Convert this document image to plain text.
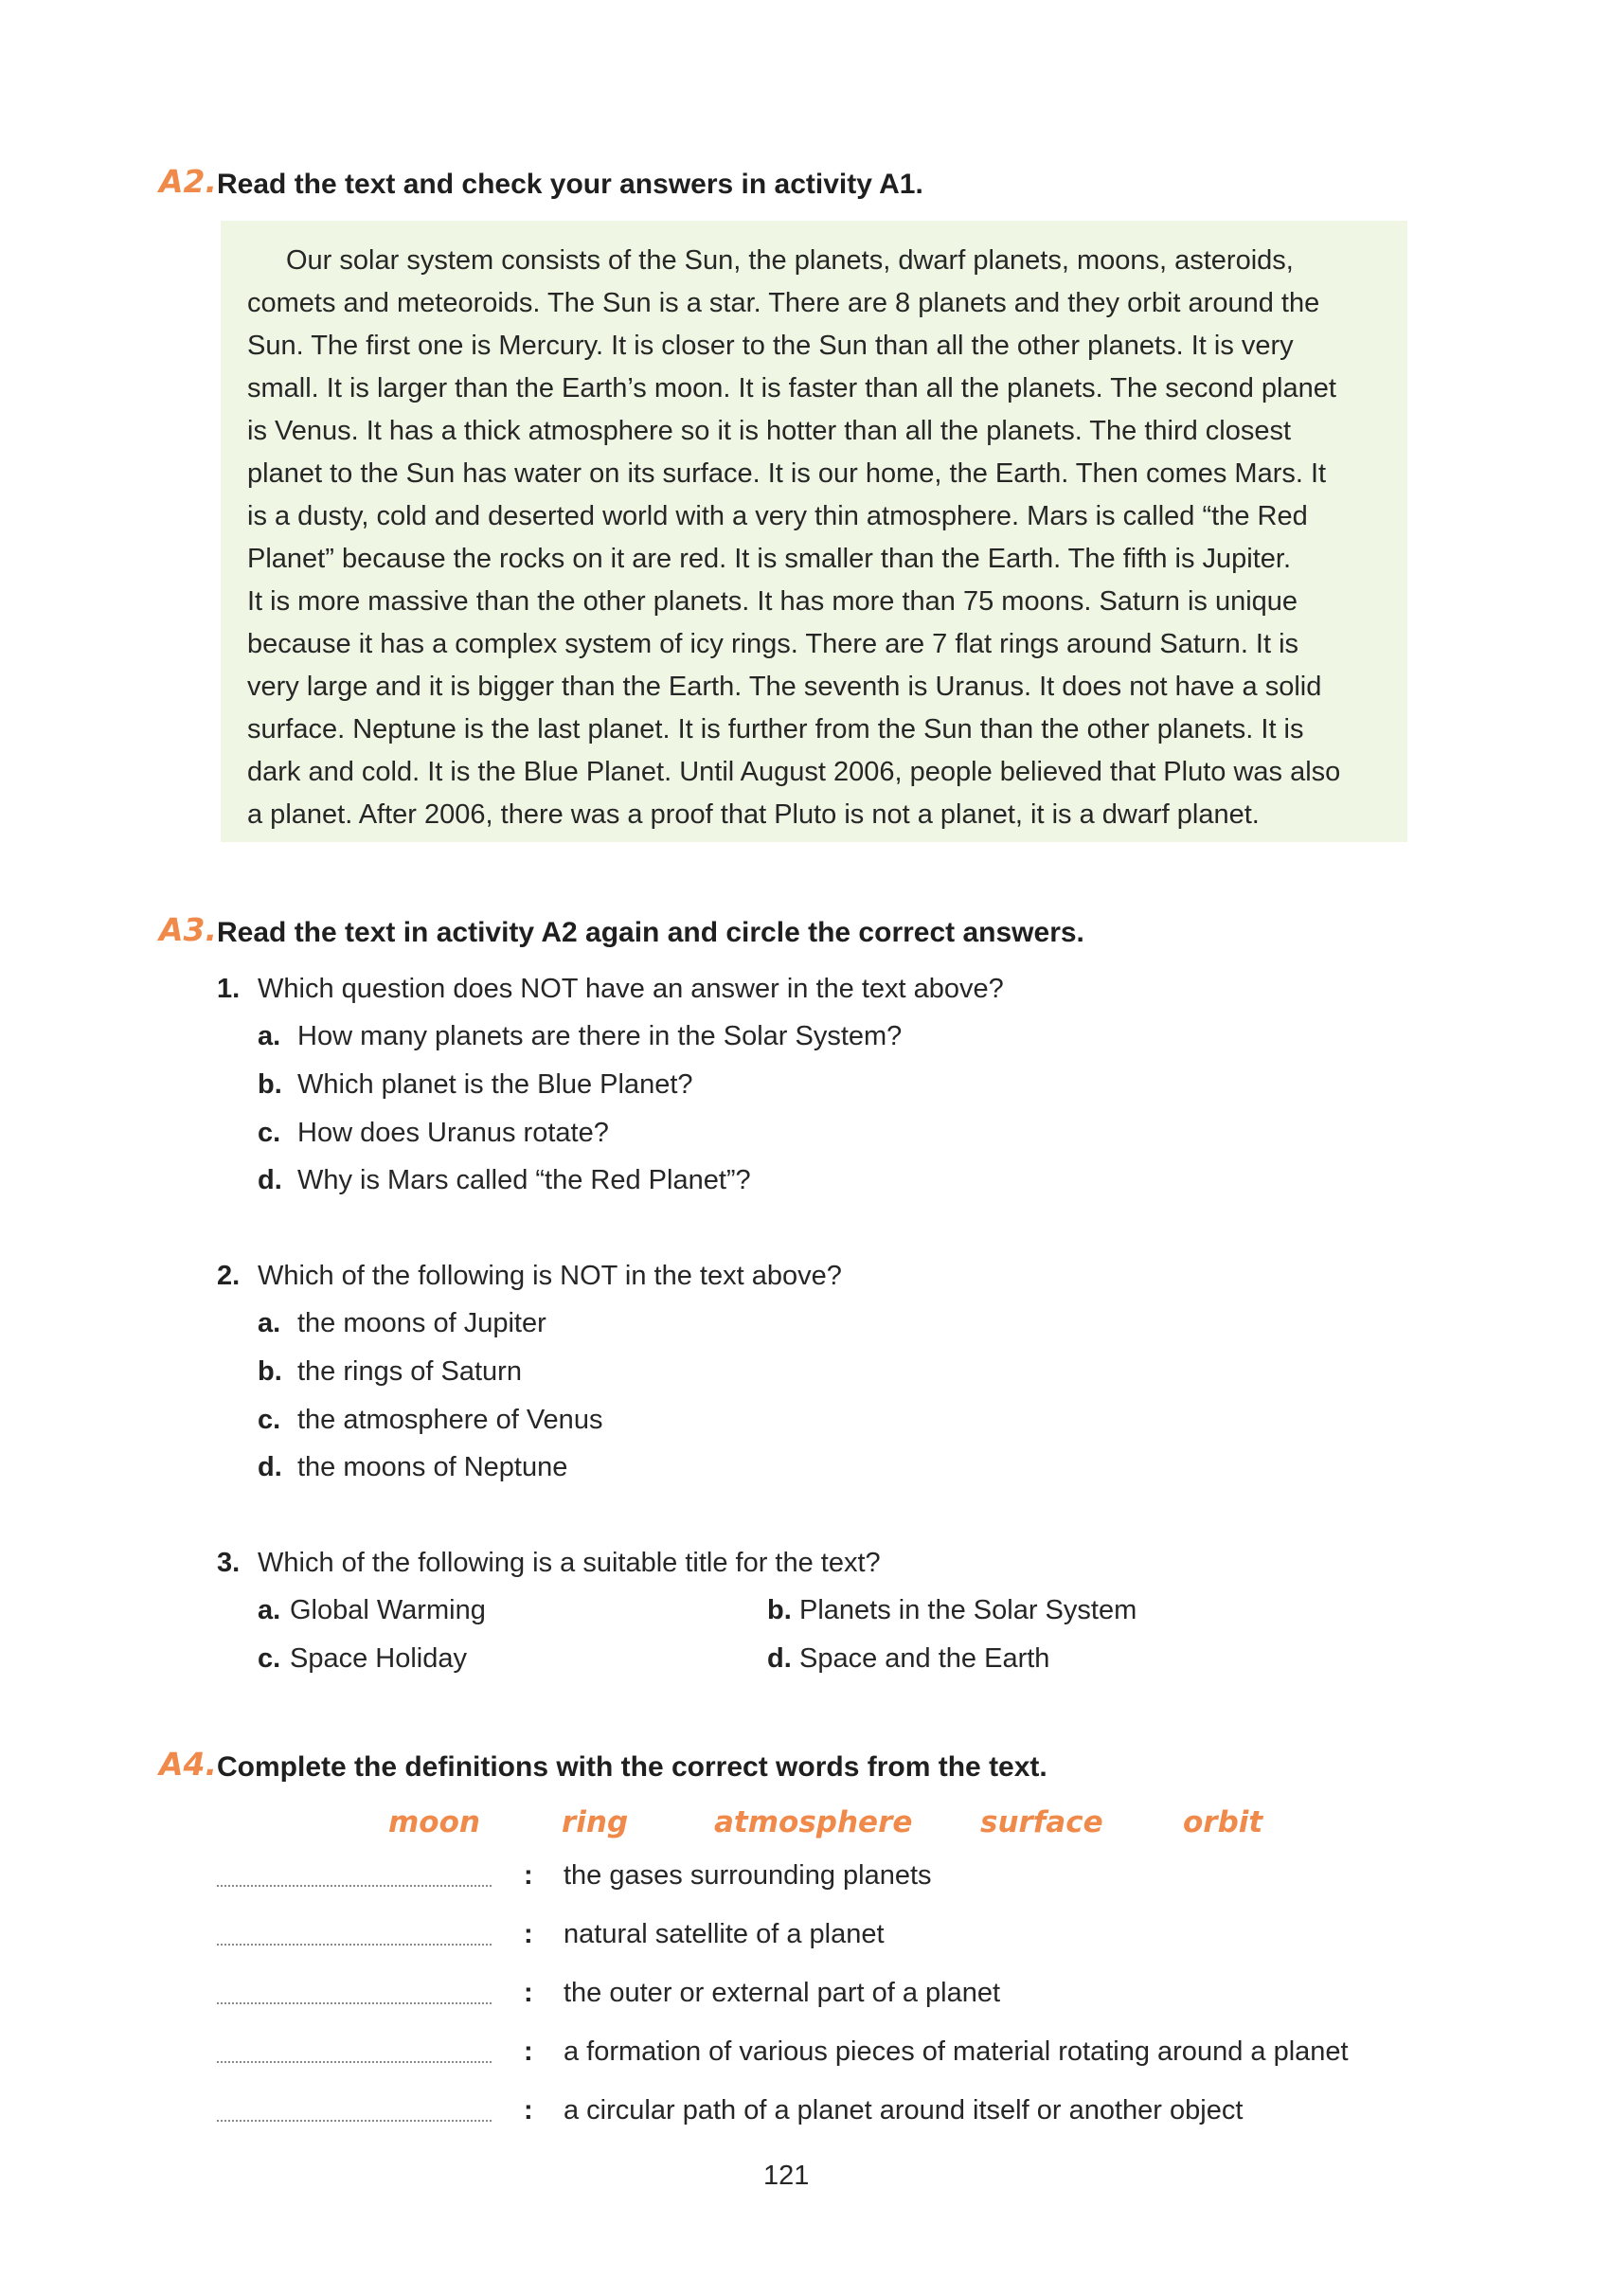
A2. Read the text and check your answers in activity A1.
Our solar system consists of the Sun, the planets, dwarf planets, moons, asteroids,
comets and meteoroids. The Sun is a star. There are 8 planets and they orbit around the
Sun. The first one is Mercury. It is closer to the Sun than all the other planets. It is very
small. It is larger than the Earth’s moon. It is faster than all the planets. The second planet
is Venus. It has a thick atmosphere so it is hotter than all the planets. The third closest
planet to the Sun has water on its surface. It is our home, the Earth. Then comes Mars. It
is a dusty, cold and deserted world with a very thin atmosphere. Mars is called “the Red
Planet” because the rocks on it are red. It is smaller than the Earth. The fifth is Jupiter.
It is more massive than the other planets. It has more than 75 moons. Saturn is unique
because it has a complex system of icy rings. There are 7 flat rings around Saturn. It is
very large and it is bigger than the Earth. The seventh is Uranus. It does not have a solid
surface. Neptune is the last planet. It is further from the Sun than the other planets. It is
dark and cold. It is the Blue Planet. Until August 2006, people believed that Pluto was also
a planet. After 2006, there was a proof that Pluto is not a planet, it is a dwarf planet.
A3. Read the text in activity A2 again and circle the correct answers.
1. Which question does NOT have an answer in the text above?
a. How many planets are there in the Solar System?
b. Which planet is the Blue Planet?
c. How does Uranus rotate?
d. Why is Mars called “the Red Planet”?
2. Which of the following is NOT in the text above?
a. the moons of Jupiter
b. the rings of Saturn
c. the atmosphere of Venus
d. the moons of Neptune
3. Which of the following is a suitable title for the text?
a. Global Warming	b. Planets in the Solar System
c. Space Holiday	d. Space and the Earth
A4. Complete the definitions with the correct words from the text.
moon	ring	atmosphere surface	orbit
: the gases surrounding planets
: natural satellite of a planet
: the outer or external part of a planet
: a formation of various pieces of material rotating around a planet
: a circular path of a planet around itself or another object
121
